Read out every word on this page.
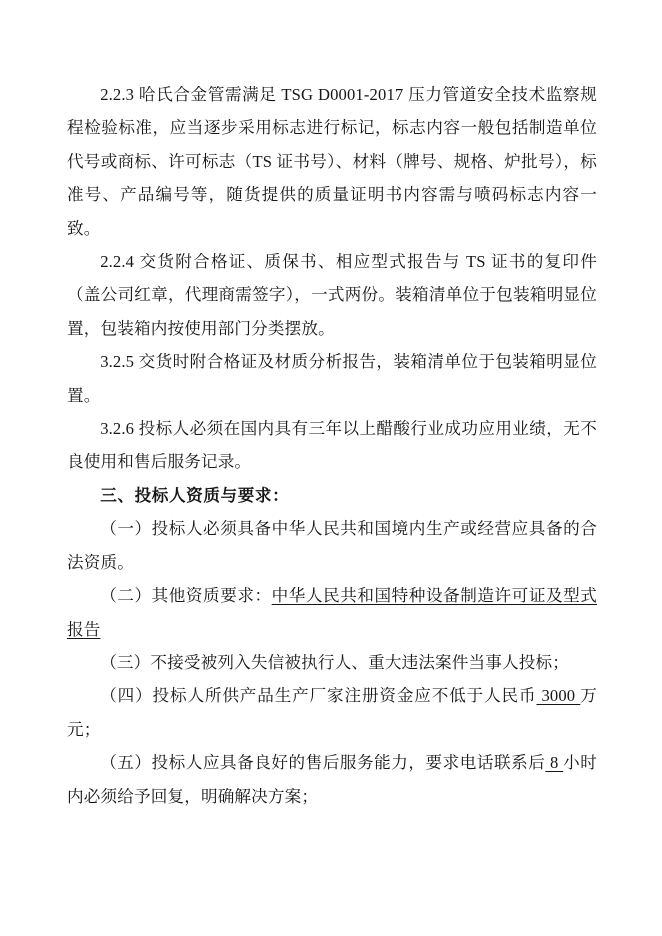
2.2.3 哈氏合金管需满足 TSG D0001-2017 压力管道安全技术监察规程检验标准，应当逐步采用标志进行标记，标志内容一般包括制造单位代号或商标、许可标志（TS 证书号）、材料（牌号、规格、炉批号），标准号、产品编号等，随货提供的质量证明书内容需与喷码标志内容一致。

2.2.4 交货附合格证、质保书、相应型式报告与 TS 证书的复印件（盖公司红章，代理商需签字），一式两份。装箱清单位于包装箱明显位置，包装箱内按使用部门分类摆放。

3.2.5 交货时附合格证及材质分析报告，装箱清单位于包装箱明显位置。

3.2.6 投标人必须在国内具有三年以上醋酸行业成功应用业绩，无不良使用和售后服务记录。

三、投标人资质与要求：

（一）投标人必须具备中华人民共和国境内生产或经营应具备的合法资质。

（二）其他资质要求：中华人民共和国特种设备制造许可证及型式报告

（三）不接受被列入失信被执行人、重大违法案件当事人投标；

（四）投标人所供产品生产厂家注册资金应不低于人民币 3000 万元；

（五）投标人应具备良好的售后服务能力，要求电话联系后 8 小时内必须给予回复，明确解决方案；
